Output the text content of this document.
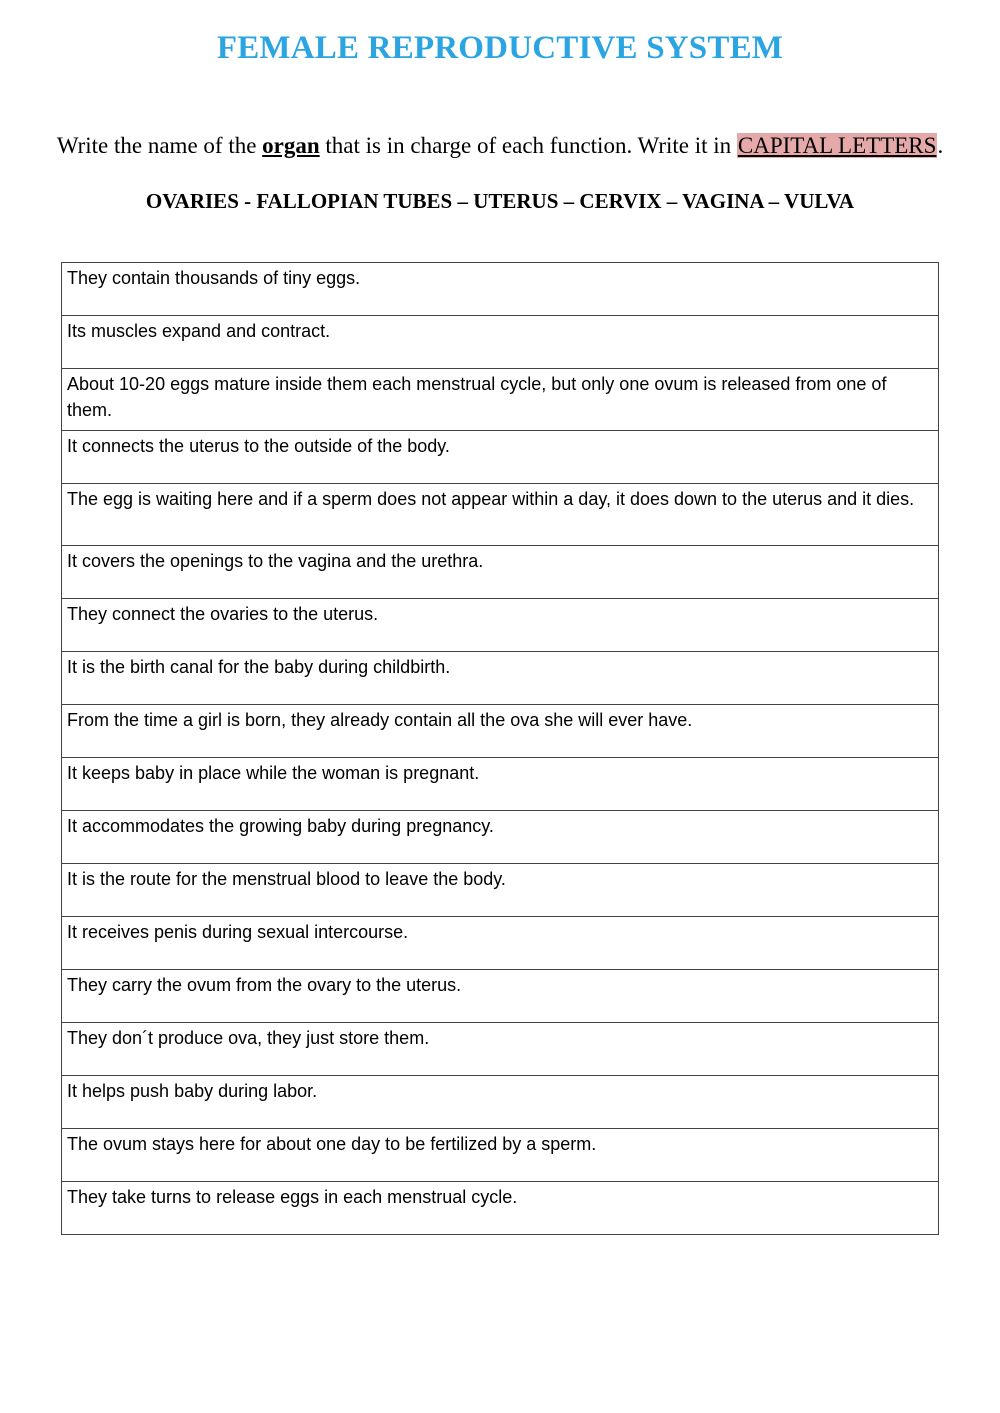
FEMALE REPRODUCTIVE SYSTEM
Write the name of the organ that is in charge of each function. Write it in CAPITAL LETTERS.
OVARIES - FALLOPIAN TUBES – UTERUS – CERVIX – VAGINA – VULVA
They contain thousands of tiny eggs.
Its muscles expand and contract.
About 10-20 eggs mature inside them each menstrual cycle, but only one ovum is released from one of them.
It connects the uterus to the outside of the body.
The egg is waiting here and if a sperm does not appear within a day, it does down to the uterus and it dies.
It covers the openings to the vagina and the urethra.
They connect the ovaries to the uterus.
It is the birth canal for the baby during childbirth.
From the time a girl is born, they already contain all the ova she will ever have.
It keeps baby in place while the woman is pregnant.
It accommodates the growing baby during pregnancy.
It is the route for the menstrual blood to leave the body.
It receives penis during sexual intercourse.
They carry the ovum from the ovary to the uterus.
They don´t produce ova, they just store them.
It helps push baby during labor.
The ovum stays here for about one day to be fertilized by a sperm.
They take turns to release eggs in each menstrual cycle.
